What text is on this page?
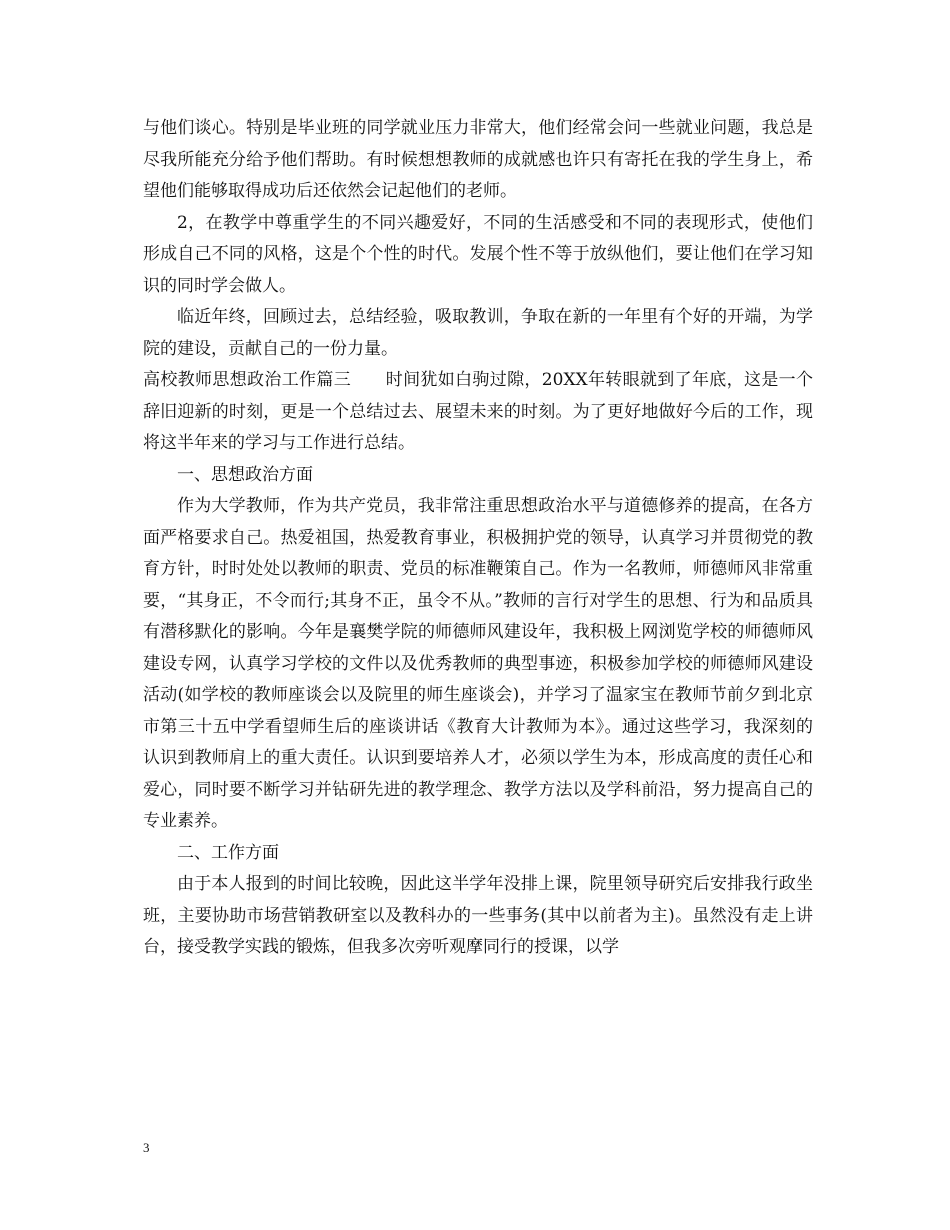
与他们谈心。特别是毕业班的同学就业压力非常大，他们经常会问一些就业问题，我总是尽我所能充分给予他们帮助。有时候想想教师的成就感也许只有寄托在我的学生身上，希望他们能够取得成功后还依然会记起他们的老师。

2，在教学中尊重学生的不同兴趣爱好，不同的生活感受和不同的表现形式，使他们形成自己不同的风格，这是个个性的时代。发展个性不等于放纵他们，要让他们在学习知识的同时学会做人。

临近年终，回顾过去，总结经验，吸取教训，争取在新的一年里有个好的开端，为学院的建设，贡献自己的一份力量。

高校教师思想政治工作篇三　　时间犹如白驹过隙，20XX年转眼就到了年底，这是一个辞旧迎新的时刻，更是一个总结过去、展望未来的时刻。为了更好地做好今后的工作，现将这半年来的学习与工作进行总结。

一、思想政治方面

作为大学教师，作为共产党员，我非常注重思想政治水平与道德修养的提高，在各方面严格要求自己。热爱祖国，热爱教育事业，积极拥护党的领导，认真学习并贯彻党的教育方针，时时处处以教师的职责、党员的标准鞭策自己。作为一名教师，师德师风非常重要，“其身正，不令而行;其身不正，虽令不从。”教师的言行对学生的思想、行为和品质具有潜移默化的影响。今年是襄樊学院的师德师风建设年，我积极上网浏览学校的师德师风建设专网，认真学习学校的文件以及优秀教师的典型事迹，积极参加学校的师德师风建设活动(如学校的教师座谈会以及院里的师生座谈会)，并学习了温家宝在教师节前夕到北京市第三十五中学看望师生后的座谈讲话《教育大计教师为本》。通过这些学习，我深刻的认识到教师肩上的重大责任。认识到要培养人才，必须以学生为本，形成高度的责任心和爱心，同时要不断学习并钻研先进的教学理念、教学方法以及学科前沿，努力提高自己的专业素养。

二、工作方面

由于本人报到的时间比较晚，因此这半学年没排上课，院里领导研究后安排我行政坐班，主要协助市场营销教研室以及教科办的一些事务(其中以前者为主)。虽然没有走上讲台，接受教学实践的锻炼，但我多次旁听观摩同行的授课，以学

3
